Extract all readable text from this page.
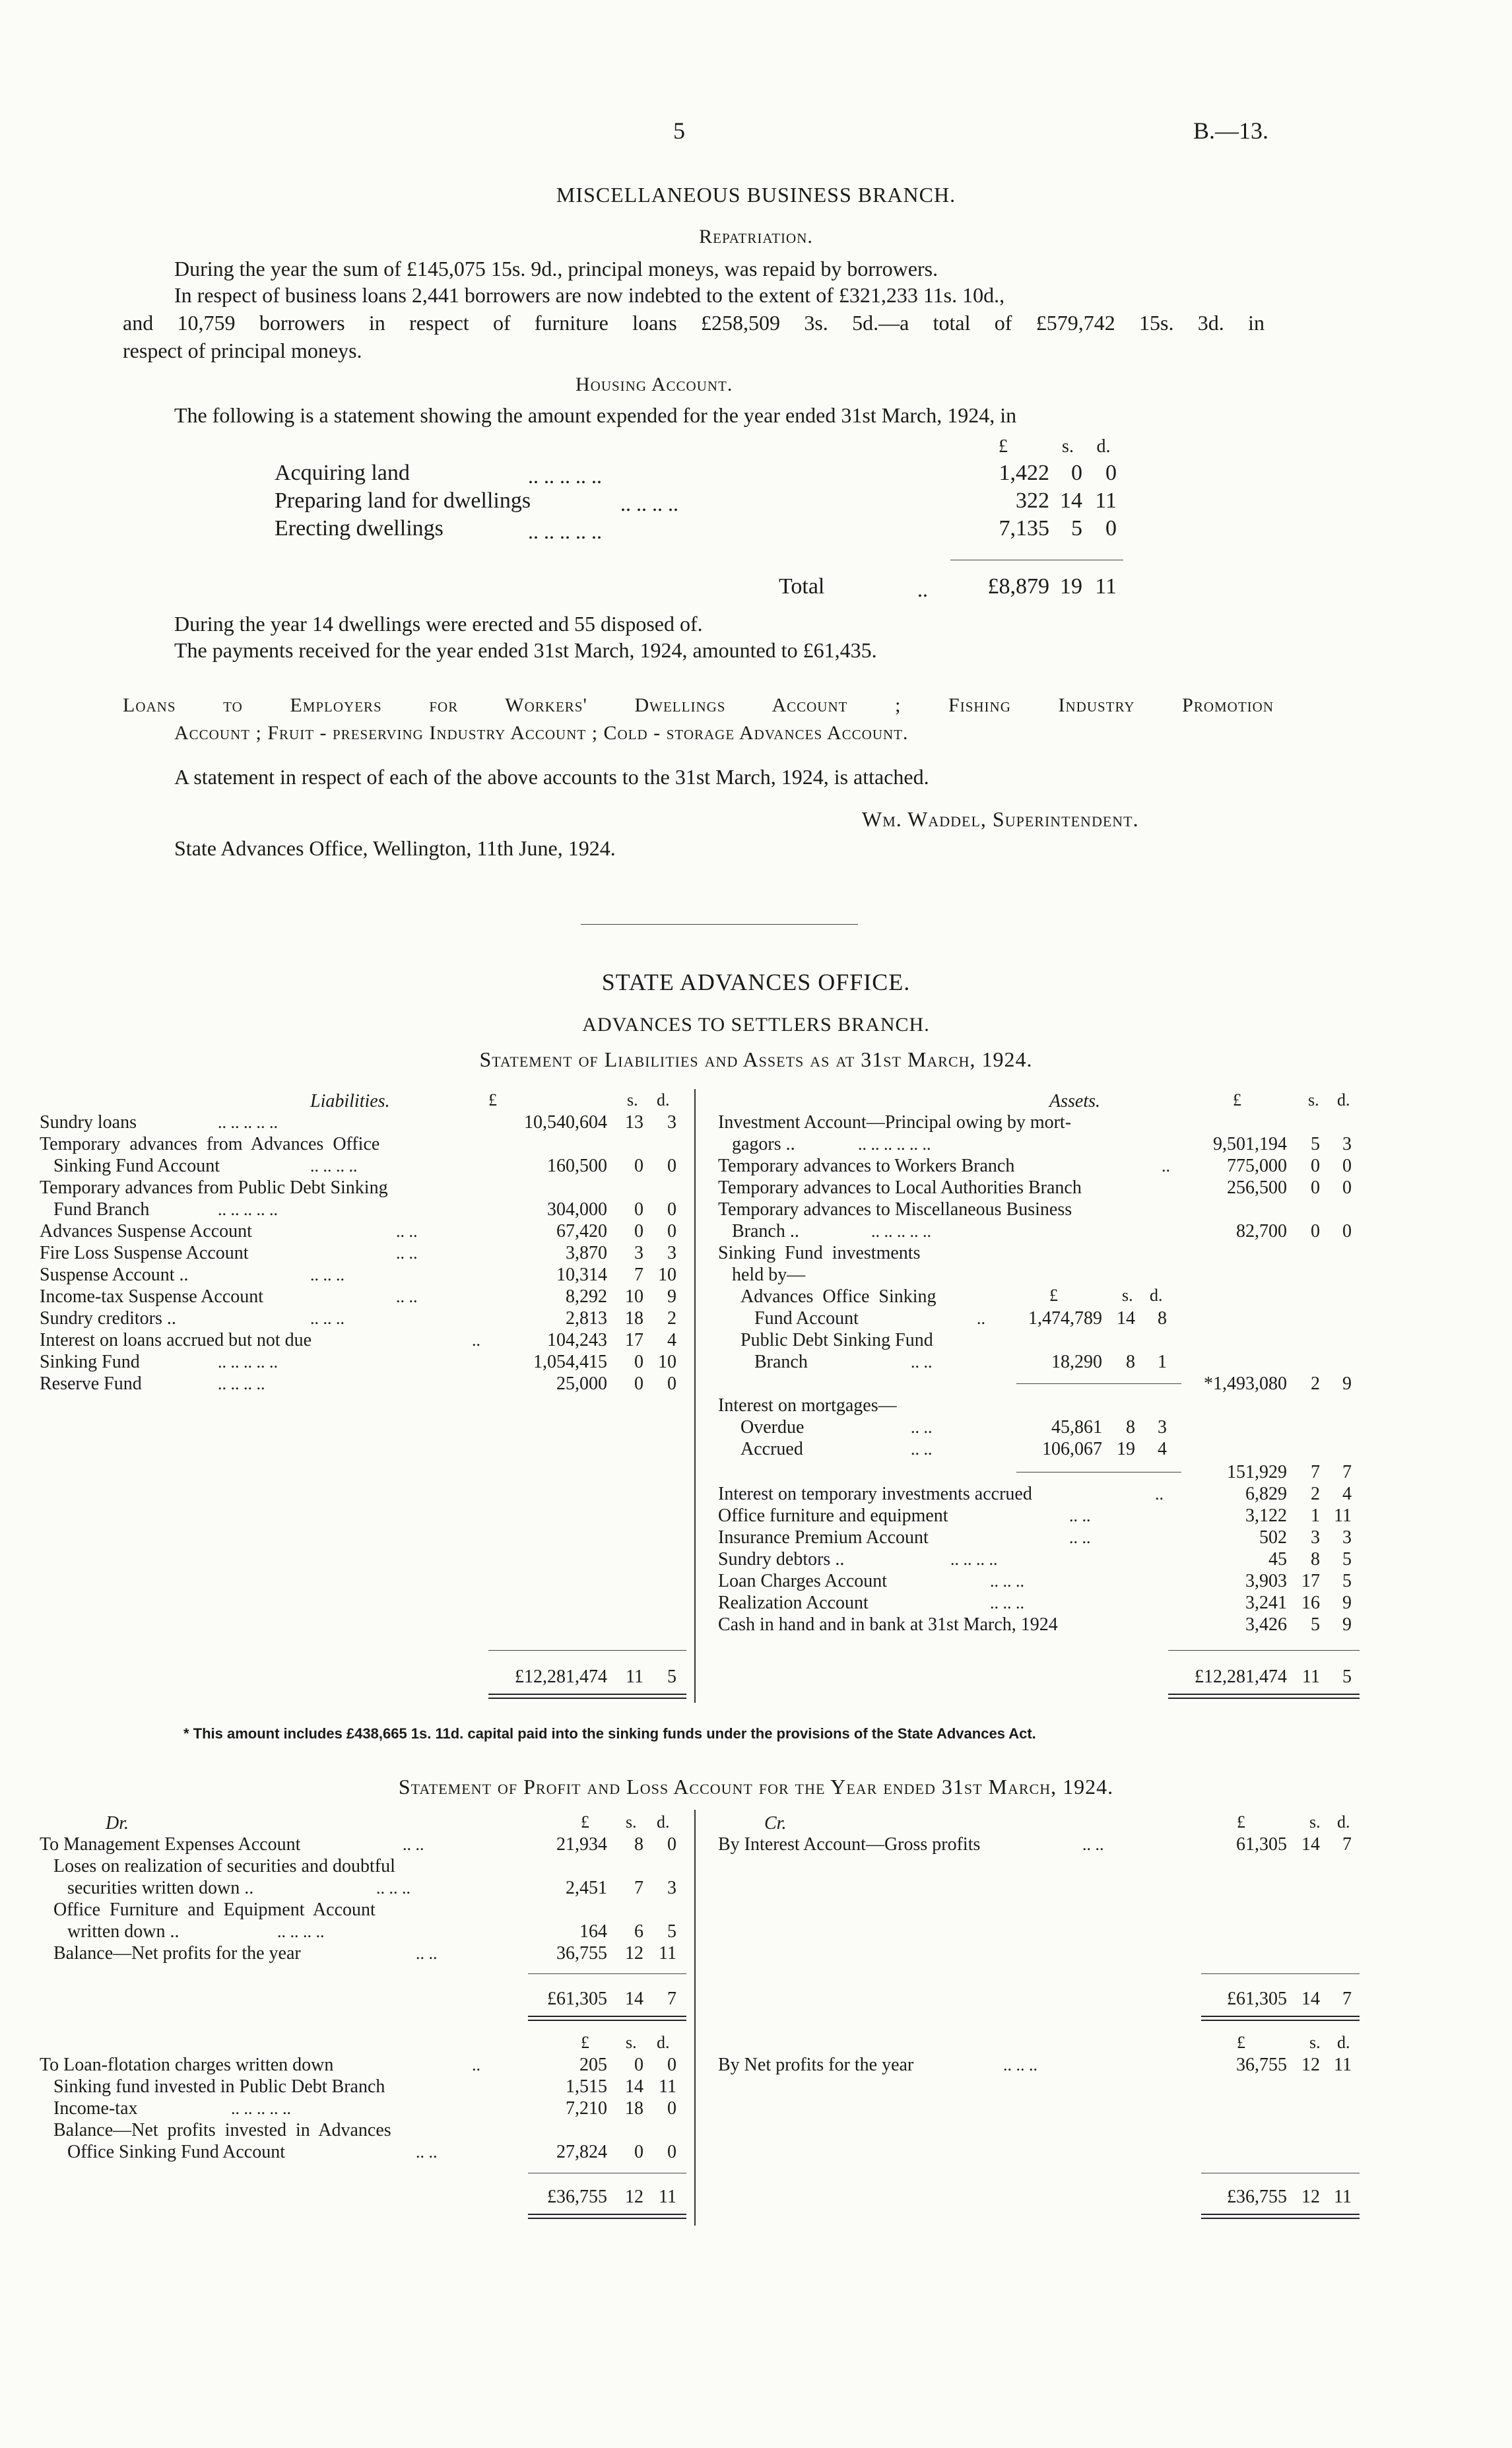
5	B.—13.
MISCELLANEOUS BUSINESS BRANCH.
Repatriation.
During the year the sum of £145,075 15s. 9d., principal moneys, was repaid by borrowers.
In respect of business loans 2,441 borrowers are now indebted to the extent of £321,233 11s. 10d.,
and 10,759 borrowers in respect of furniture loans £258,509 3s. 5d.—a total of £579,742 15s. 3d. in
respect of principal moneys.
Housing Account.
The following is a statement showing the amount expended for the year ended 31st March, 1924, in
£	s.	d.
Acquiring land	.. .. .. .. ..	1,422 0	0
Preparing land for dwellings	.. .. .. ..	322 14 11
Erecting dwellings	.. .. .. .. ..	7,135 5	0
Total	..	£8,879 19 11
During the year 14 dwellings were erected and 55 disposed of.
The payments received for the year ended 31st March, 1924, amounted to £61,435.
Loans to Employers for Workers' Dwellings Account ; Fishing Industry Promotion
Account ; Fruit - preserving Industry Account ; Cold - storage Advances Account.
A statement in respect of each of the above accounts to the 31st March, 1924, is attached.
Wm. Waddel, Superintendent.
State Advances Office, Wellington, 11th June, 1924.
STATE ADVANCES OFFICE.
ADVANCES TO SETTLERS BRANCH.
Statement of Liabilities and Assets as at 31st March, 1924.
Liabilities.	£	s. d.
Sundry loans	.. .. .. .. ..	10,540,604 13	3
Temporary  advances  from  Advances  Office
Sinking Fund Account	.. .. .. ..	160,500	0	0
Temporary advances from Public Debt Sinking
Fund Branch	.. .. .. .. ..	304,000	0	0
Advances Suspense Account	.. ..	67,420	0	0
Fire Loss Suspense Account	.. ..	3,870	3	3
Suspense Account ..	.. .. ..	10,314	7 10
Income-tax Suspense Account	.. ..	8,292 10	9
Sundry creditors ..	.. .. ..	2,813 18	2
Interest on loans accrued but not due	..	104,243 17	4
Sinking Fund	.. .. .. .. ..	1,054,415	0 10
Reserve Fund	.. .. .. ..	25,000	0	0
Assets.	£	s. d.
Investment Account—Principal owing by mort-
gagors ..	.. .. .. .. .. ..	9,501,194	5	3
Temporary advances to Workers Branch	..	775,000	0	0
Temporary advances to Local Authorities Branch	256,500	0	0
Temporary advances to Miscellaneous Business
Branch ..	.. .. .. .. ..	82,700	0	0
Sinking  Fund  investments
held by—
Advances  Office  Sinking	£	s. d.
Fund Account	..	1,474,789 14	8
Public Debt Sinking Fund
Branch	.. ..	18,290	8	1
*1,493,080	2	9
Interest on mortgages—
Overdue	.. ..	45,861	8	3
Accrued	.. ..	106,067 19	4
151,929	7	7
Interest on temporary investments accrued	..	6,829	2	4
Office furniture and equipment	.. ..	3,122	1 11
Insurance Premium Account	.. ..	502	3	3
Sundry debtors ..	.. .. .. ..	45	8	5
Loan Charges Account	.. .. ..	3,903 17	5
Realization Account	.. .. ..	3,241 16	9
Cash in hand and in bank at 31st March, 1924	3,426	5	9
£12,281,474	11	5	£12,281,474 11	5
* This amount includes £438,665 1s. 11d. capital paid into the sinking funds under the provisions of the State Advances Act.
Statement of Profit and Loss Account for the Year ended 31st March, 1924.
Dr.	£ s. d.	Cr.	£	s. d.
To Management Expenses Account	.. ..	21,934	8	0
Loses on realization of securities and doubtful
securities written down ..	.. .. ..	2,451	7	3
Office  Furniture  and  Equipment  Account
written down ..	.. .. .. ..	164	6	5
Balance—Net profits for the year	.. ..	36,755 12 11
By Interest Account—Gross profits	.. ..	61,305 14	7
£61,305 14	7	£61,305 14	7
£ s. d.	£	s. d.
To Loan-flotation charges written down	..	205	0	0
Sinking fund invested in Public Debt Branch	1,515 14 11
Income-tax	.. .. .. .. ..	7,210 18	0
Balance—Net  profits  invested  in  Advances
Office Sinking Fund Account	.. ..	27,824	0	0
By Net profits for the year	.. .. ..	36,755 12 11
£36,755 12 11	£36,755 12 11
